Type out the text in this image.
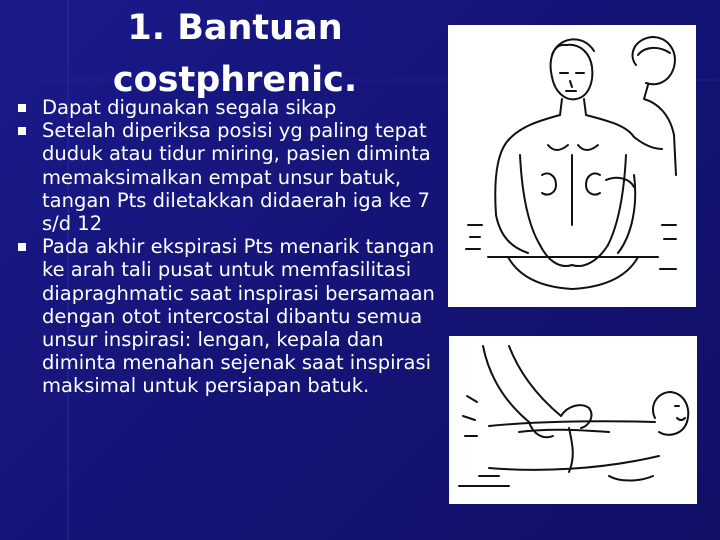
1. Bantuan
costphrenic.
Dapat digunakan segala sikap
Setelah diperiksa posisi yg paling tepat duduk atau tidur miring, pasien diminta memaksimalkan empat unsur batuk, tangan Pts diletakkan didaerah iga ke 7 s/d 12
Pada akhir ekspirasi Pts menarik tangan ke arah tali pusat untuk memfasilitasi diapraghmatic saat inspirasi bersamaan dengan otot intercostal dibantu semua unsur inspirasi: lengan, kepala dan diminta menahan sejenak saat inspirasi maksimal untuk persiapan batuk.
